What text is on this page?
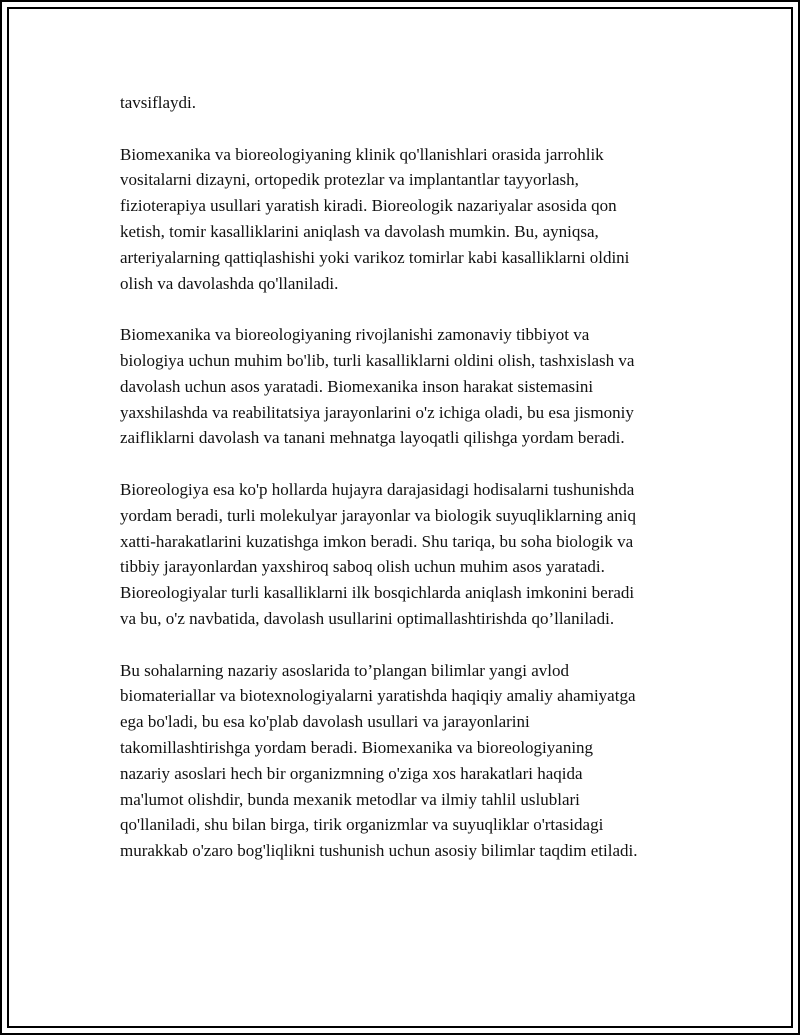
tavsiflaydi.

Biomexanika va bioreologiyaning klinik qo'llanishlari orasida jarrohlik
vositalarni dizayni, ortopedik protezlar va implantantlar tayyorlash,
fizioterapiya usullari yaratish kiradi. Bioreologik nazariyalar asosida qon
ketish, tomir kasalliklarini aniqlash va davolash mumkin. Bu, ayniqsa,
arteriyalarning qattiqlashishi yoki varikoz tomirlar kabi kasalliklarni oldini
olish va davolashda qo'llaniladi.

Biomexanika va bioreologiyaning rivojlanishi zamonaviy tibbiyot va
biologiya uchun muhim bo'lib, turli kasalliklarni oldini olish, tashxislash va
davolash uchun asos yaratadi. Biomexanika inson harakat sistemasini
yaxshilashda va reabilitatsiya jarayonlarini o'z ichiga oladi, bu esa jismoniy
zaifliklarni davolash va tanani mehnatga layoqatli qilishga yordam beradi.

Bioreologiya esa ko'p hollarda hujayra darajasidagi hodisalarni tushunishda
yordam beradi, turli molekulyar jarayonlar va biologik suyuqliklarning aniq
xatti-harakatlarini kuzatishga imkon beradi. Shu tariqa, bu soha biologik va
tibbiy jarayonlardan yaxshiroq saboq olish uchun muhim asos yaratadi.
Bioreologiyalar turli kasalliklarni ilk bosqichlarda aniqlash imkonini beradi
va bu, o'z navbatida, davolash usullarini optimallashtirishda qo’llaniladi.

Bu sohalarning nazariy asoslarida to’plangan bilimlar yangi avlod
biomateriallar va biotexnologiyalarni yaratishda haqiqiy amaliy ahamiyatga
ega bo'ladi, bu esa ko'plab davolash usullari va jarayonlarini
takomillashtirishga yordam beradi. Biomexanika va bioreologiyaning
nazariy asoslari hech bir organizmning o'ziga xos harakatlari haqida
ma'lumot olishdir, bunda mexanik metodlar va ilmiy tahlil uslublari
qo'llaniladi, shu bilan birga, tirik organizmlar va suyuqliklar o'rtasidagi
murakkab o'zaro bog'liqlikni tushunish uchun asosiy bilimlar taqdim etiladi.
